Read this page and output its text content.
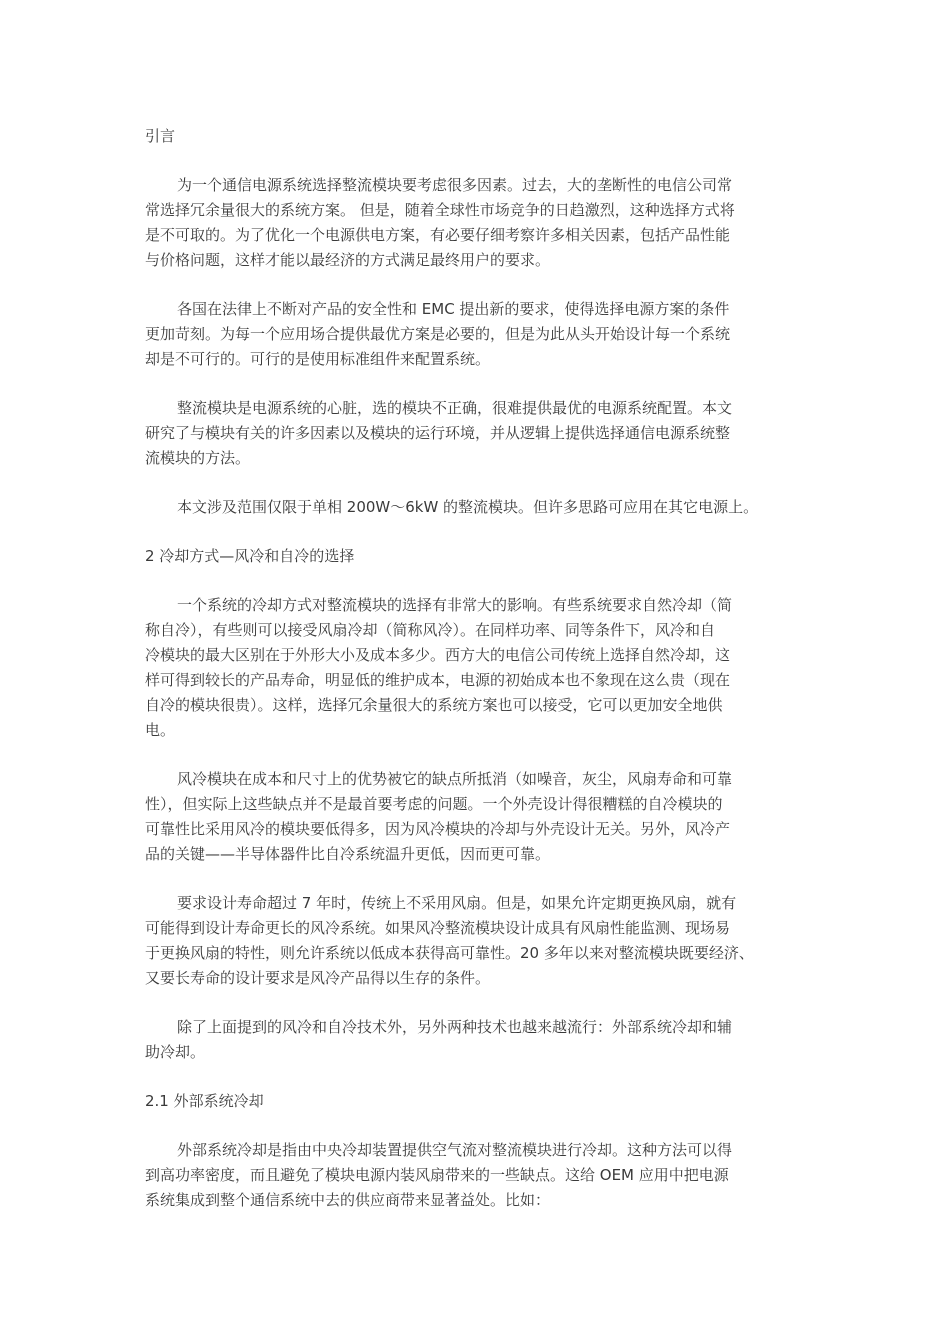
引言
为一个通信电源系统选择整流模块要考虑很多因素。过去，大的垄断性的电信公司常
常选择冗余量很大的系统方案。 但是，随着全球性市场竞争的日趋激烈，这种选择方式将
是不可取的。为了优化一个电源供电方案，有必要仔细考察许多相关因素，包括产品性能
与价格问题，这样才能以最经济的方式满足最终用户的要求。
各国在法律上不断对产品的安全性和 EMC 提出新的要求，使得选择电源方案的条件
更加苛刻。为每一个应用场合提供最优方案是必要的，但是为此从头开始设计每一个系统
却是不可行的。可行的是使用标准组件来配置系统。
整流模块是电源系统的心脏，选的模块不正确，很难提供最优的电源系统配置。本文
研究了与模块有关的许多因素以及模块的运行环境，并从逻辑上提供选择通信电源系统整
流模块的方法。
本文涉及范围仅限于单相 200W～6kW 的整流模块。但许多思路可应用在其它电源上。
2 冷却方式—风冷和自冷的选择
一个系统的冷却方式对整流模块的选择有非常大的影响。有些系统要求自然冷却（简
称自冷），有些则可以接受风扇冷却（简称风冷）。在同样功率、同等条件下，风冷和自
冷模块的最大区别在于外形大小及成本多少。西方大的电信公司传统上选择自然冷却，这
样可得到较长的产品寿命，明显低的维护成本，电源的初始成本也不象现在这么贵（现在
自冷的模块很贵）。这样，选择冗余量很大的系统方案也可以接受，它可以更加安全地供
电。
风冷模块在成本和尺寸上的优势被它的缺点所抵消（如噪音，灰尘，风扇寿命和可靠
性），但实际上这些缺点并不是最首要考虑的问题。一个外壳设计得很糟糕的自冷模块的
可靠性比采用风冷的模块要低得多，因为风冷模块的冷却与外壳设计无关。另外，风冷产
品的关键——半导体器件比自冷系统温升更低，因而更可靠。
要求设计寿命超过 7 年时，传统上不采用风扇。但是，如果允许定期更换风扇，就有
可能得到设计寿命更长的风冷系统。如果风冷整流模块设计成具有风扇性能监测、现场易
于更换风扇的特性，则允许系统以低成本获得高可靠性。20 多年以来对整流模块既要经济、
又要长寿命的设计要求是风冷产品得以生存的条件。
除了上面提到的风冷和自冷技术外，另外两种技术也越来越流行：外部系统冷却和辅
助冷却。
2.1 外部系统冷却
外部系统冷却是指由中央冷却装置提供空气流对整流模块进行冷却。这种方法可以得
到高功率密度，而且避免了模块电源内装风扇带来的一些缺点。这给 OEM 应用中把电源
系统集成到整个通信系统中去的供应商带来显著益处。比如：
